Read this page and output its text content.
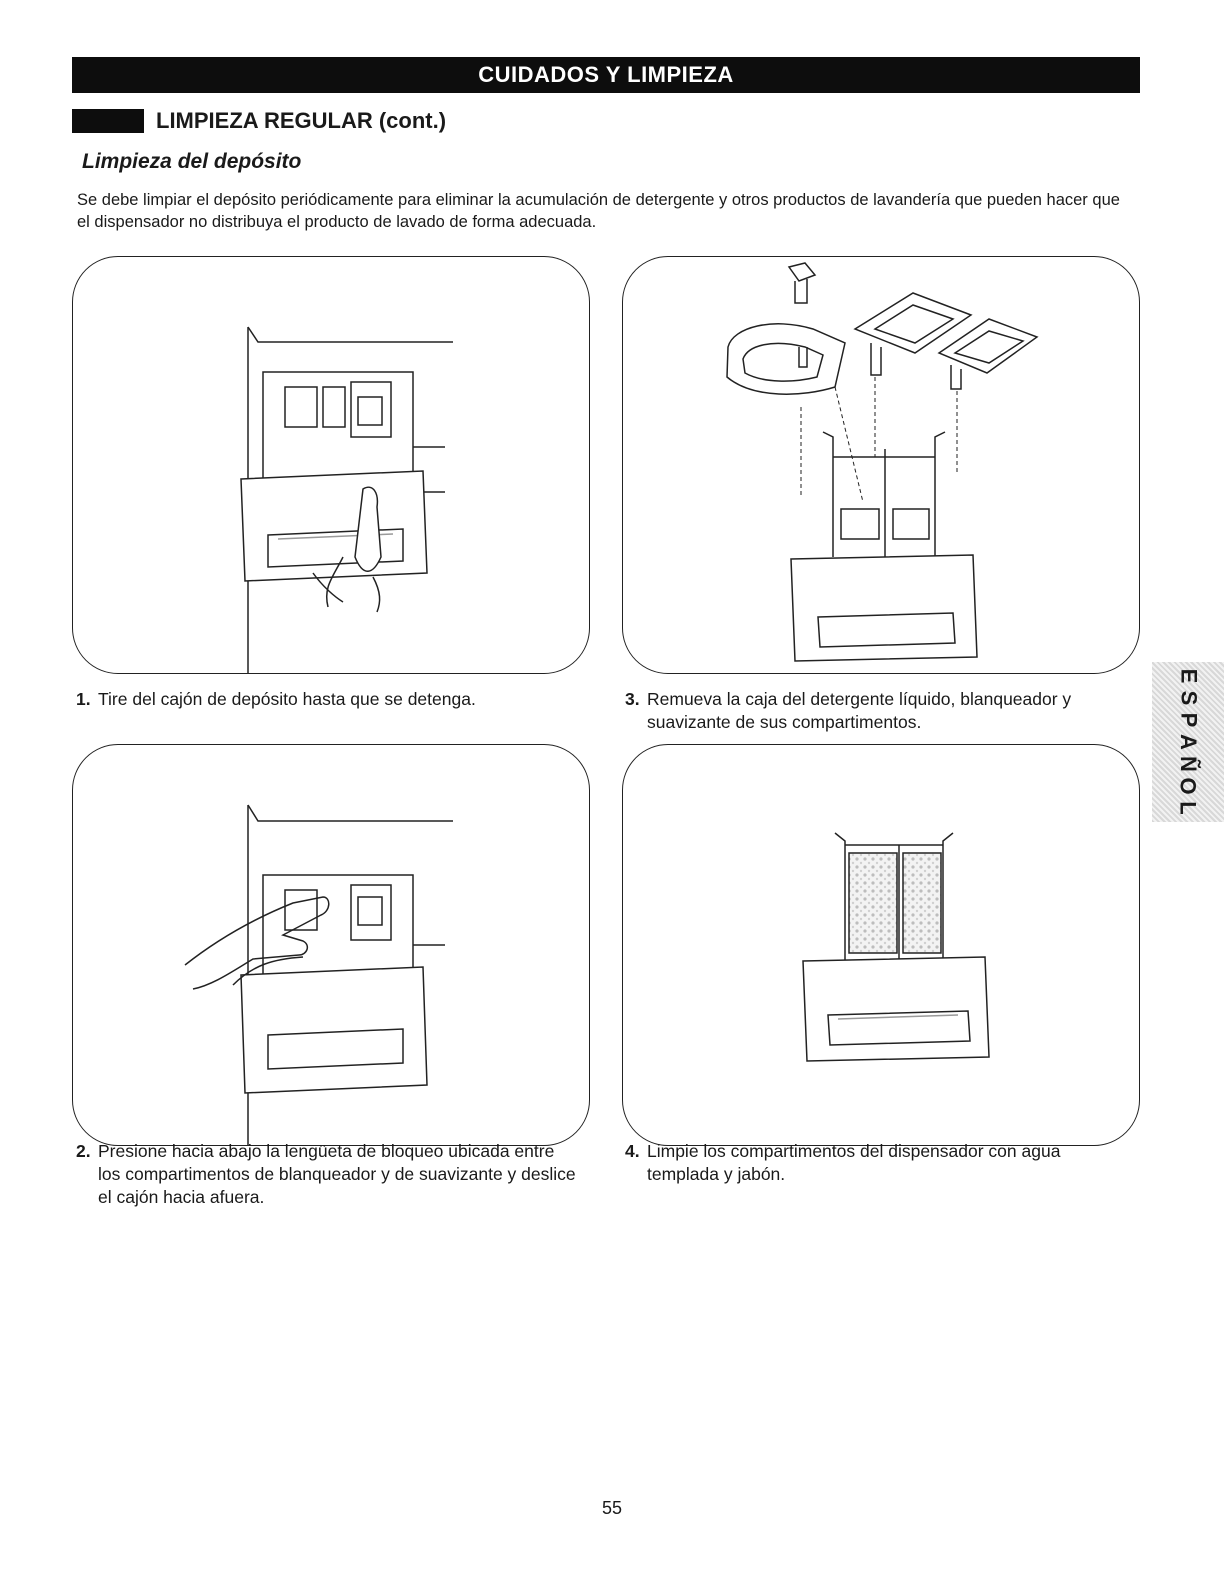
CUIDADOS Y LIMPIEZA
LIMPIEZA REGULAR (cont.)
Limpieza del depósito
Se debe limpiar el depósito periódicamente para eliminar la acumulación de detergente y otros productos de lavandería que pueden hacer que el dispensador no distribuya el producto de lavado de forma adecuada.
1. Tire del cajón de depósito hasta que se detenga.	3. Remueva la caja del detergente líquido, blanqueador y suavizante de sus compartimentos.
2. Presione hacia abajo la lengüeta de bloqueo ubicada entre los compartimentos de blanqueador y de suavizante y deslice el cajón hacia afuera.
4. Limpie los compartimentos del dispensador con agua templada y jabón.
E
S
P
A
Ñ
O
L
55
